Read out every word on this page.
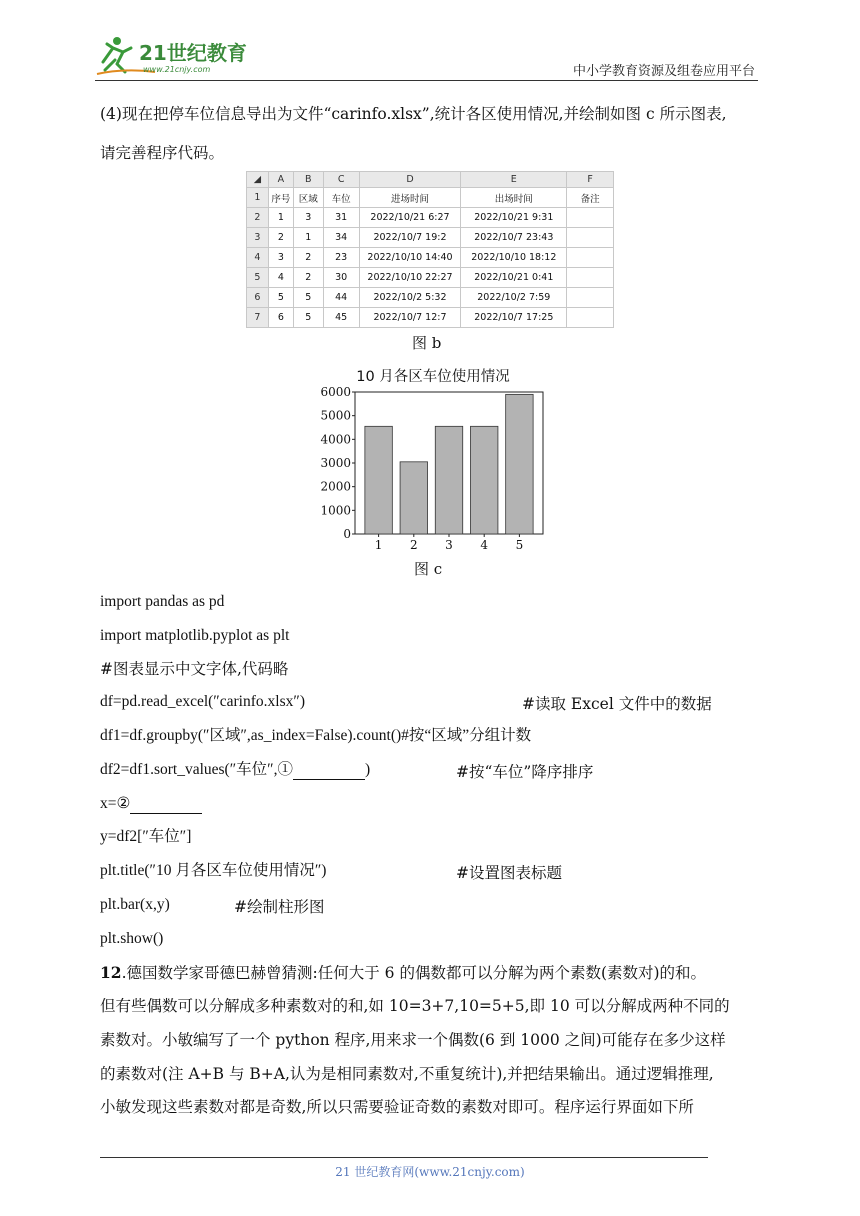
21世纪教育
www.21cnjy.com	中小学教育资源及组卷应用平台
(4)现在把停车位信息导出为文件“carinfo.xlsx”,统计各区使用情况,并绘制如图 c 所示图表,
请完善程序代码。
◢	A	B	C	D	E	F
1	序号	区域	车位	进场时间	出场时间	备注
2	1	3	31	2022/10/21 6:27	2022/10/21 9:31	
3	2	1	34	2022/10/7 19:2	2022/10/7 23:43	
4	3	2	23	2022/10/10 14:40	2022/10/10 18:12	
5	4	2	30	2022/10/10 22:27	2022/10/21 0:41	
6	5	5	44	2022/10/2 5:32	2022/10/2 7:59	
7	6	5	45	2022/10/7 12:7	2022/10/7 17:25	
图 b
10 月各区车位使用情况
0
1000
2000
3000
4000
5000
6000
1 2 3 4 5
图 c
import pandas as pd
import matplotlib.pyplot as plt
#图表显示中文字体,代码略
df=pd.read_excel(″carinfo.xlsx″)	#读取 Excel 文件中的数据
df1=df.groupby(″区域″,as_index=False).count()#按“区域”分组计数
df2=df1.sort_values(″车位″,①	)	#按“车位”降序排序
x=②
y=df2[″车位″]
plt.title(″10 月各区车位使用情况″)	#设置图表标题
plt.bar(x,y)	#绘制柱形图
plt.show()
12.德国数学家哥德巴赫曾猜测:任何大于 6 的偶数都可以分解为两个素数(素数对)的和。
但有些偶数可以分解成多种素数对的和,如 10=3+7,10=5+5,即 10 可以分解成两种不同的
素数对。小敏编写了一个 python 程序,用来求一个偶数(6 到 1000 之间)可能存在多少这样
的素数对(注 A+B 与 B+A,认为是相同素数对,不重复统计),并把结果输出。通过逻辑推理,
小敏发现这些素数对都是奇数,所以只需要验证奇数的素数对即可。程序运行界面如下所
21 世纪教育网(www.21cnjy.com)
